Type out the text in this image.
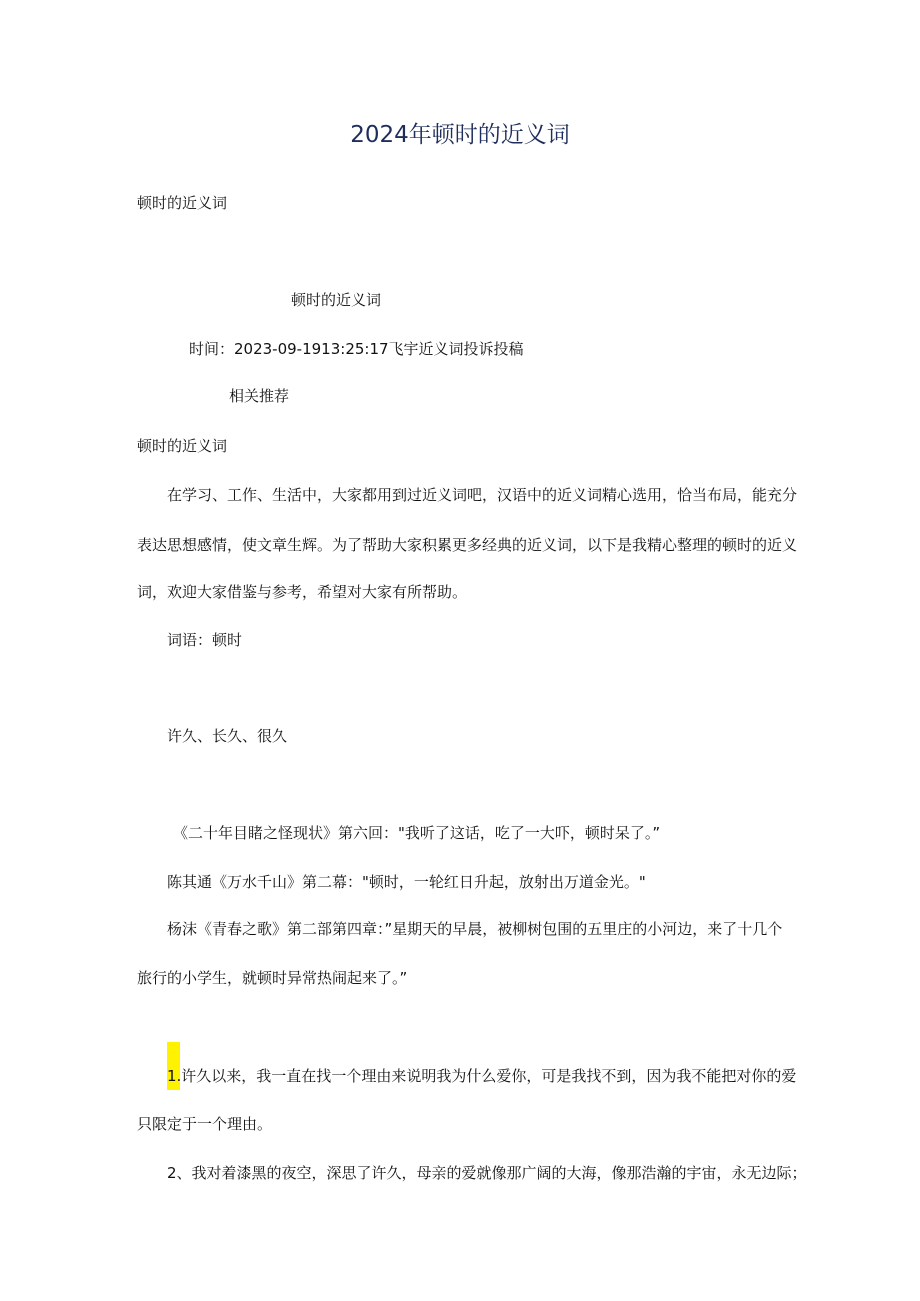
2024年顿时的近义词
顿时的近义词
顿时的近义词
时间：2023-09-1913:25:17飞宇近义词投诉投稿
相关推荐
顿时的近义词
在学习、工作、生活中，大家都用到过近义词吧，汉语中的近义词精心选用，恰当布局，能充分
表达思想感情，使文章生辉。为了帮助大家积累更多经典的近义词，以下是我精心整理的顿时的近义
词，欢迎大家借鉴与参考，希望对大家有所帮助。
词语：顿时
许久、长久、很久
《二十年目睹之怪现状》第六回："我听了这话，吃了一大吓，顿时呆了。”
陈其通《万水千山》第二幕："顿时，一轮红日升起，放射出万道金光。"
杨沫《青春之歌》第二部第四章：”星期天的早晨，被柳树包围的五里庄的小河边，来了十几个
旅行的小学生，就顿时异常热闹起来了。”
1.许久以来，我一直在找一个理由来说明我为什么爱你，可是我找不到，因为我不能把对你的爱
只限定于一个理由。
2、我对着漆黑的夜空，深思了许久，母亲的爱就像那广阔的大海，像那浩瀚的宇宙，永无边际；
